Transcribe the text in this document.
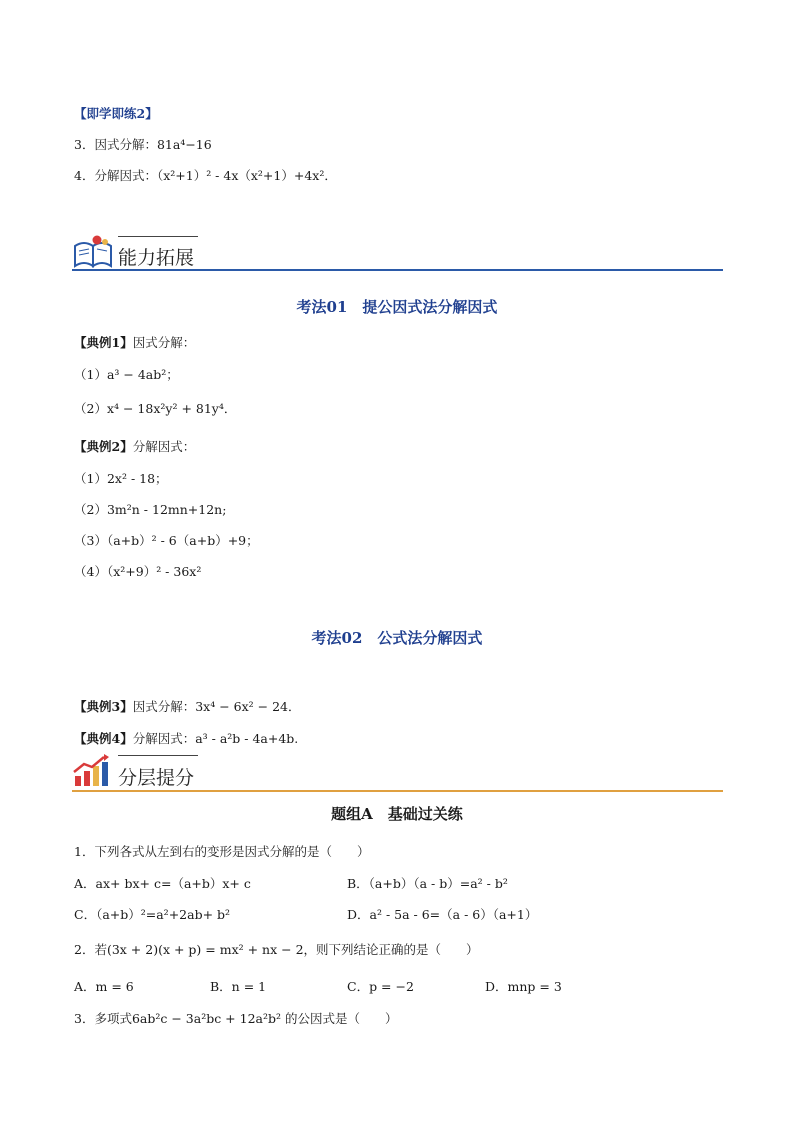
【即学即练2】
3．因式分解：81a⁴−16
4．分解因式：（x²+1）² - 4x（x²+1）+4x²．
能力拓展
考法01　提公因式法分解因式
【典例1】因式分解：
（1）a³ − 4ab²；
（2）x⁴ − 18x²y² + 81y⁴．
【典例2】分解因式：
（1）2x² - 18；
（2）3m²n - 12mn+12n;
（3）（a+b）² - 6（a+b）+9；
（4）（x²+9）² - 36x²
考法02　公式法分解因式
【典例3】因式分解：3x⁴ − 6x² − 24．
【典例4】分解因式：a³ - a²b - 4a+4b.
分层提分
题组A　基础过关练
1．下列各式从左到右的变形是因式分解的是（　　）
A．ax+ bx+ c=（a+b）x+ c	B．（a+b）（a - b）=a² - b²
C．（a+b）²=a²+2ab+ b²	D．a² - 5a - 6=（a - 6）（a+1）
2．若(3x + 2)(x + p) = mx² + nx − 2，则下列结论正确的是（　　）
A．m = 6	B．n = 1	C．p = −2	D．mnp = 3
3．多项式6ab²c − 3a²bc + 12a²b² 的公因式是（　　）
